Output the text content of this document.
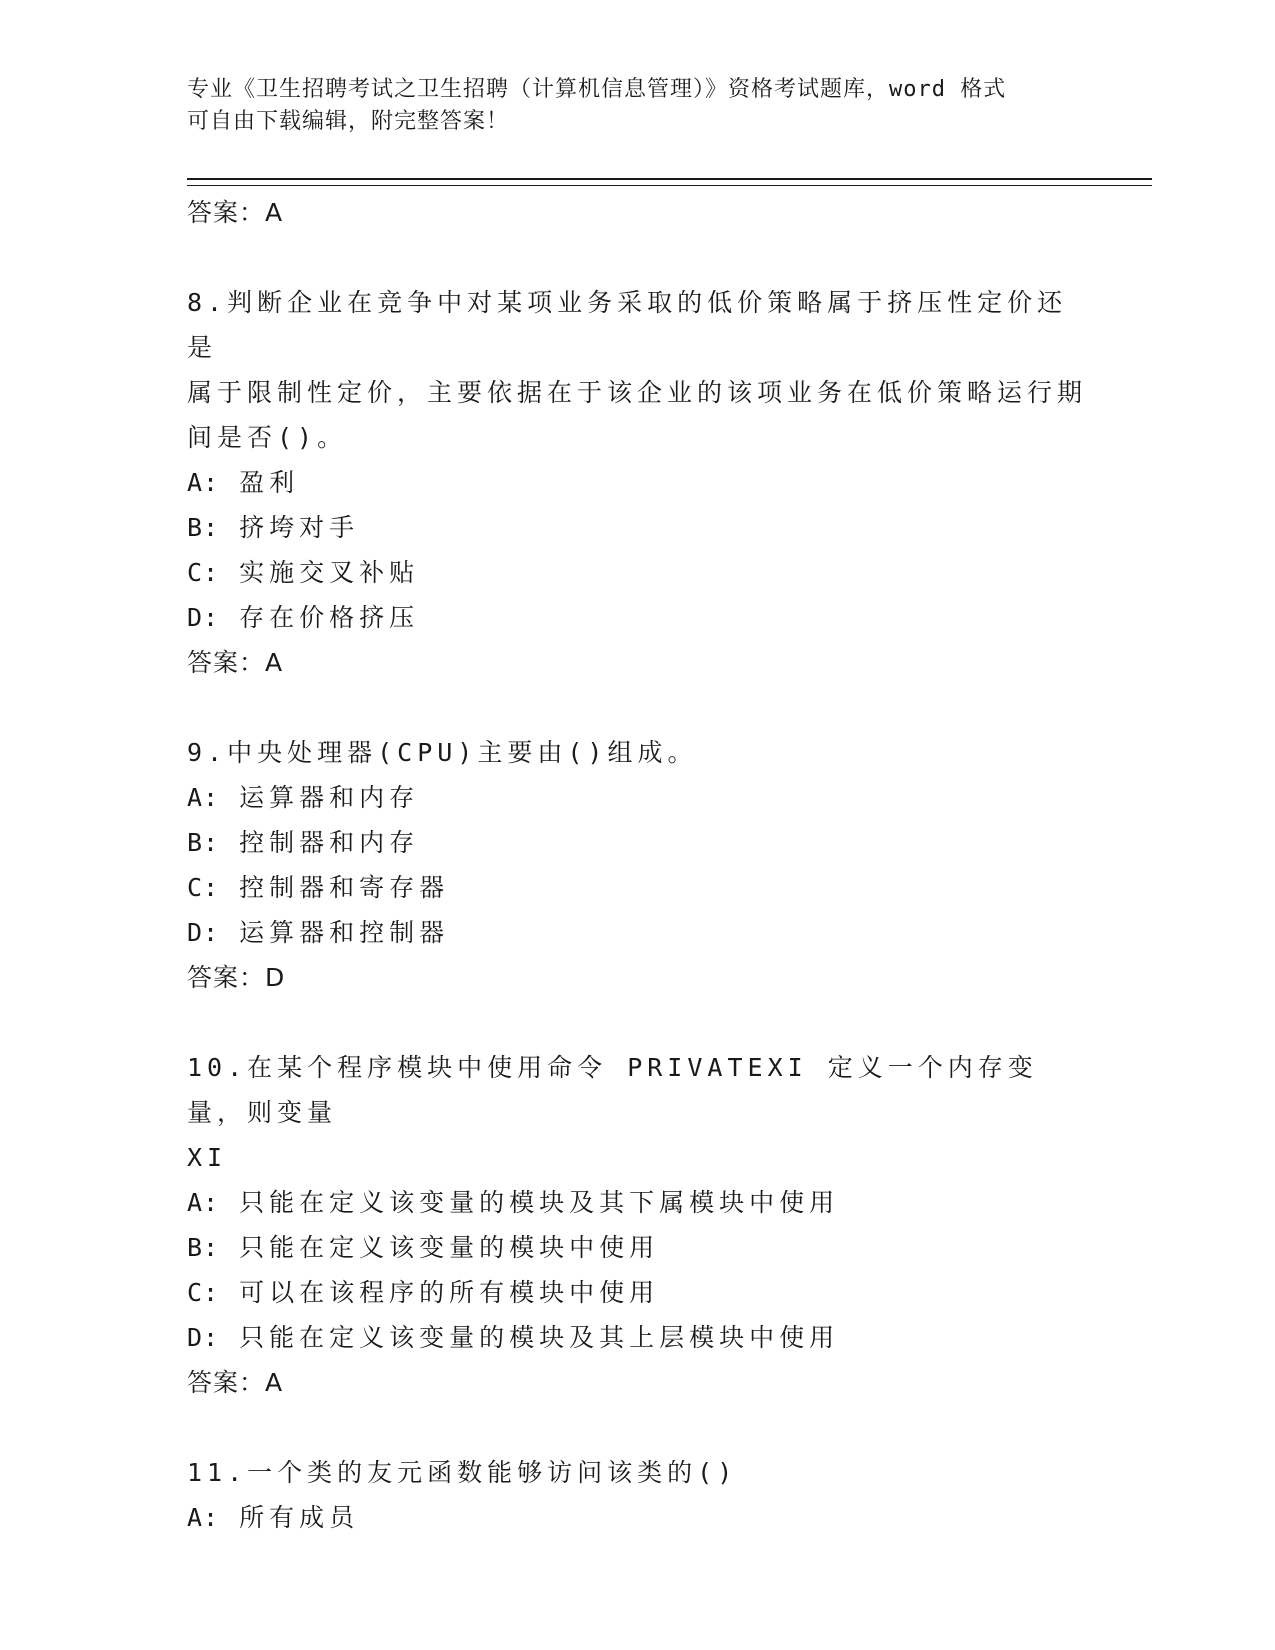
专业《卫生招聘考试之卫生招聘（计算机信息管理）》资格考试题库，word 格式
可自由下载编辑，附完整答案！

答案：A

8.判断企业在竞争中对某项业务采取的低价策略属于挤压性定价还是

属于限制性定价，主要依据在于该企业的该项业务在低价策略运行期

间是否()。

A: 盈利

B: 挤垮对手

C: 实施交叉补贴

D: 存在价格挤压

答案：A

9.中央处理器(CPU)主要由()组成。

A: 运算器和内存

B: 控制器和内存

C: 控制器和寄存器

D: 运算器和控制器

答案：D

10.在某个程序模块中使用命令 PRIVATEXI 定义一个内存变量，则变量

XI

A: 只能在定义该变量的模块及其下属模块中使用

B: 只能在定义该变量的模块中使用

C: 可以在该程序的所有模块中使用

D: 只能在定义该变量的模块及其上层模块中使用

答案：A

11.一个类的友元函数能够访问该类的()

A: 所有成员
